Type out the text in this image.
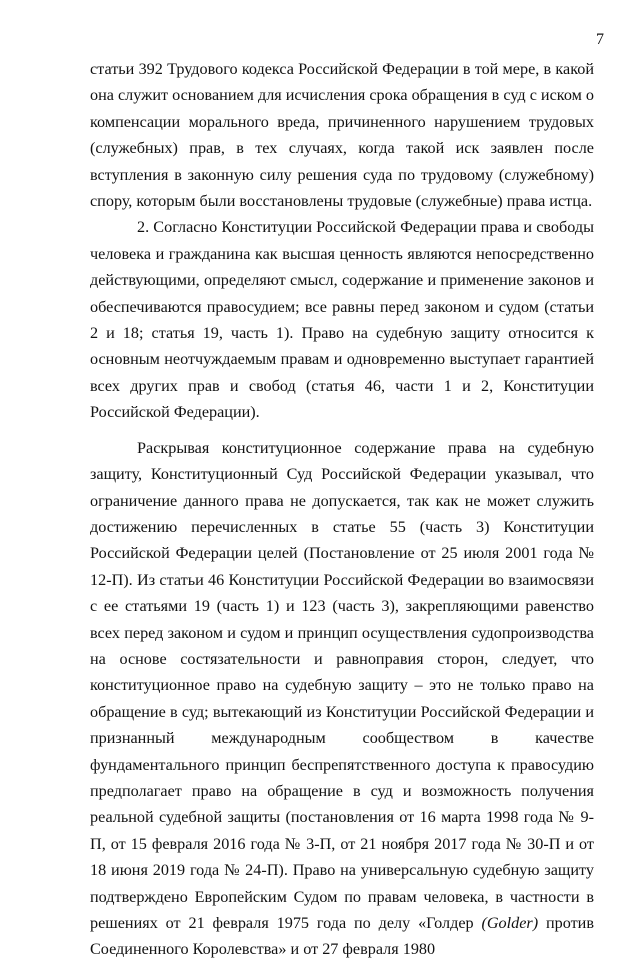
7

статьи 392 Трудового кодекса Российской Федерации в той мере, в какой она служит основанием для исчисления срока обращения в суд с иском о компенсации морального вреда, причиненного нарушением трудовых (служебных) прав, в тех случаях, когда такой иск заявлен после вступления в законную силу решения суда по трудовому (служебному) спору, которым были восстановлены трудовые (служебные) права истца.

2. Согласно Конституции Российской Федерации права и свободы человека и гражданина как высшая ценность являются непосредственно действующими, определяют смысл, содержание и применение законов и обеспечиваются правосудием; все равны перед законом и судом (статьи 2 и 18; статья 19, часть 1). Право на судебную защиту относится к основным неотчуждаемым правам и одновременно выступает гарантией всех других прав и свобод (статья 46, части 1 и 2, Конституции Российской Федерации).

Раскрывая конституционное содержание права на судебную защиту, Конституционный Суд Российской Федерации указывал, что ограничение данного права не допускается, так как не может служить достижению перечисленных в статье 55 (часть 3) Конституции Российской Федерации целей (Постановление от 25 июля 2001 года № 12-П). Из статьи 46 Конституции Российской Федерации во взаимосвязи с ее статьями 19 (часть 1) и 123 (часть 3), закрепляющими равенство всех перед законом и судом и принцип осуществления судопроизводства на основе состязательности и равноправия сторон, следует, что конституционное право на судебную защиту – это не только право на обращение в суд; вытекающий из Конституции Российской Федерации и признанный международным сообществом в качестве фундаментального принцип беспрепятственного доступа к правосудию предполагает право на обращение в суд и возможность получения реальной судебной защиты (постановления от 16 марта 1998 года № 9-П, от 15 февраля 2016 года № 3-П, от 21 ноября 2017 года № 30-П и от 18 июня 2019 года № 24-П). Право на универсальную судебную защиту подтверждено Европейским Судом по правам человека, в частности в решениях от 21 февраля 1975 года по делу «Голдер (Golder) против Соединенного Королевства» и от 27 февраля 1980
